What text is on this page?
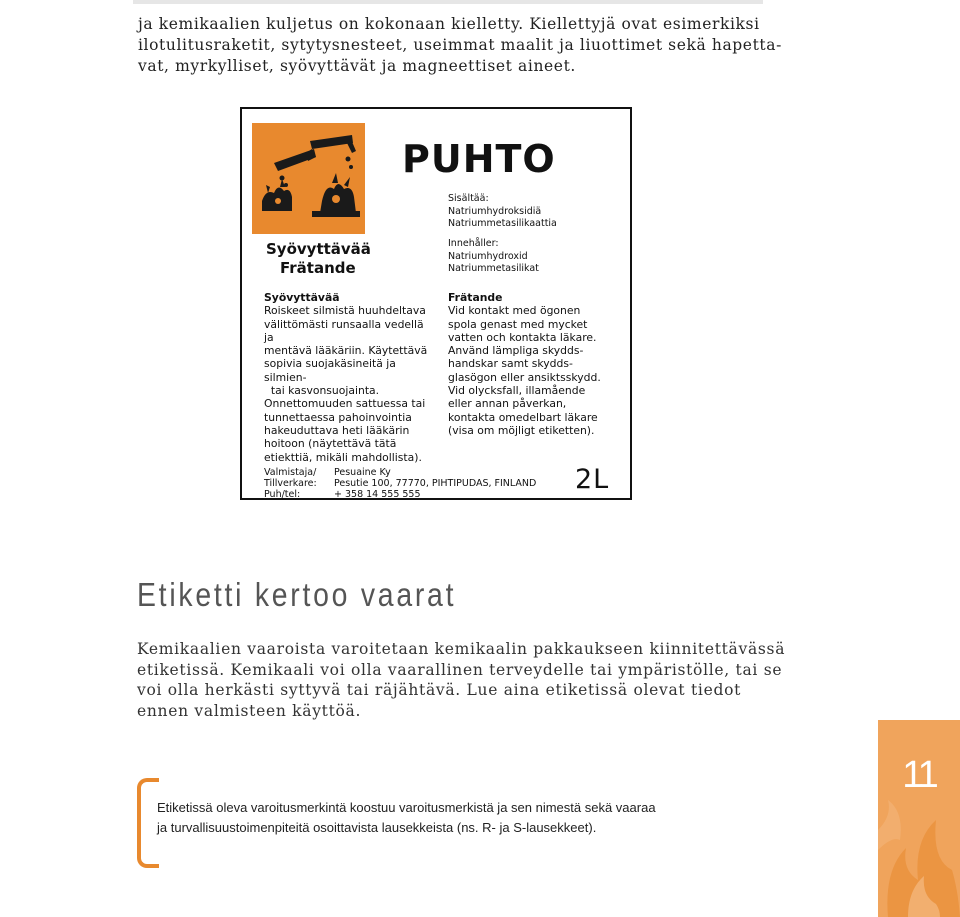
ja kemikaalien kuljetus on kokonaan kielletty. Kiellettyjä ovat esimerkiksi

ilotulitusraketit, sytytysnesteet, useimmat maalit ja liuottimet sekä hapetta-

vat, myrkylliset, syövyttävät ja magneettiset aineet.

Syövyttävää
Frätande
PUHTO
Sisältää:
Natriumhydroksidiä
Natriummetasilikaattia
Innehåller:
Natriumhydroxid
Natriummetasilikat
Syövyttävää
Roiskeet silmistä huuhdeltava
välittömästi runsaalla vedellä ja
mentävä lääkäriin. Käytettävä
sopivia suojakäsineitä ja silmien-
tai kasvonsuojainta.
Onnettomuuden sattuessa tai
tunnettaessa pahoinvointia
hakeuduttava heti lääkärin
hoitoon (näytettävä tätä
etiekttiä, mikäli mahdollista).
Frätande
Vid kontakt med ögonen
spola genast med mycket
vatten och kontakta läkare.
Använd lämpliga skydds-
handskar samt skydds-
glasögon eller ansiktsskydd.
Vid olycksfall, illamående
eller annan påverkan,
kontakta omedelbart läkare
(visa om möjligt etiketten).
Valmistaja/
Tillverkare:
Puh/tel:
Pesuaine Ky
Pesutie 100, 77770, PIHTIPUDAS, FINLAND
+ 358 14 555 555	2L
Etiketti kertoo vaarat

Kemikaalien vaaroista varoitetaan kemikaalin pakkaukseen kiinnitettävässä

etiketissä. Kemikaali voi olla vaarallinen terveydelle tai ympäristölle, tai se

voi olla herkästi syttyvä tai räjähtävä. Lue aina etiketissä olevat tiedot

ennen valmisteen käyttöä.

Etiketissä oleva varoitusmerkintä koostuu varoitusmerkistä ja sen nimestä sekä vaaraa

ja turvallisuustoimenpiteitä osoittavista lausekkeista (ns. R- ja S-lausekkeet).

11
